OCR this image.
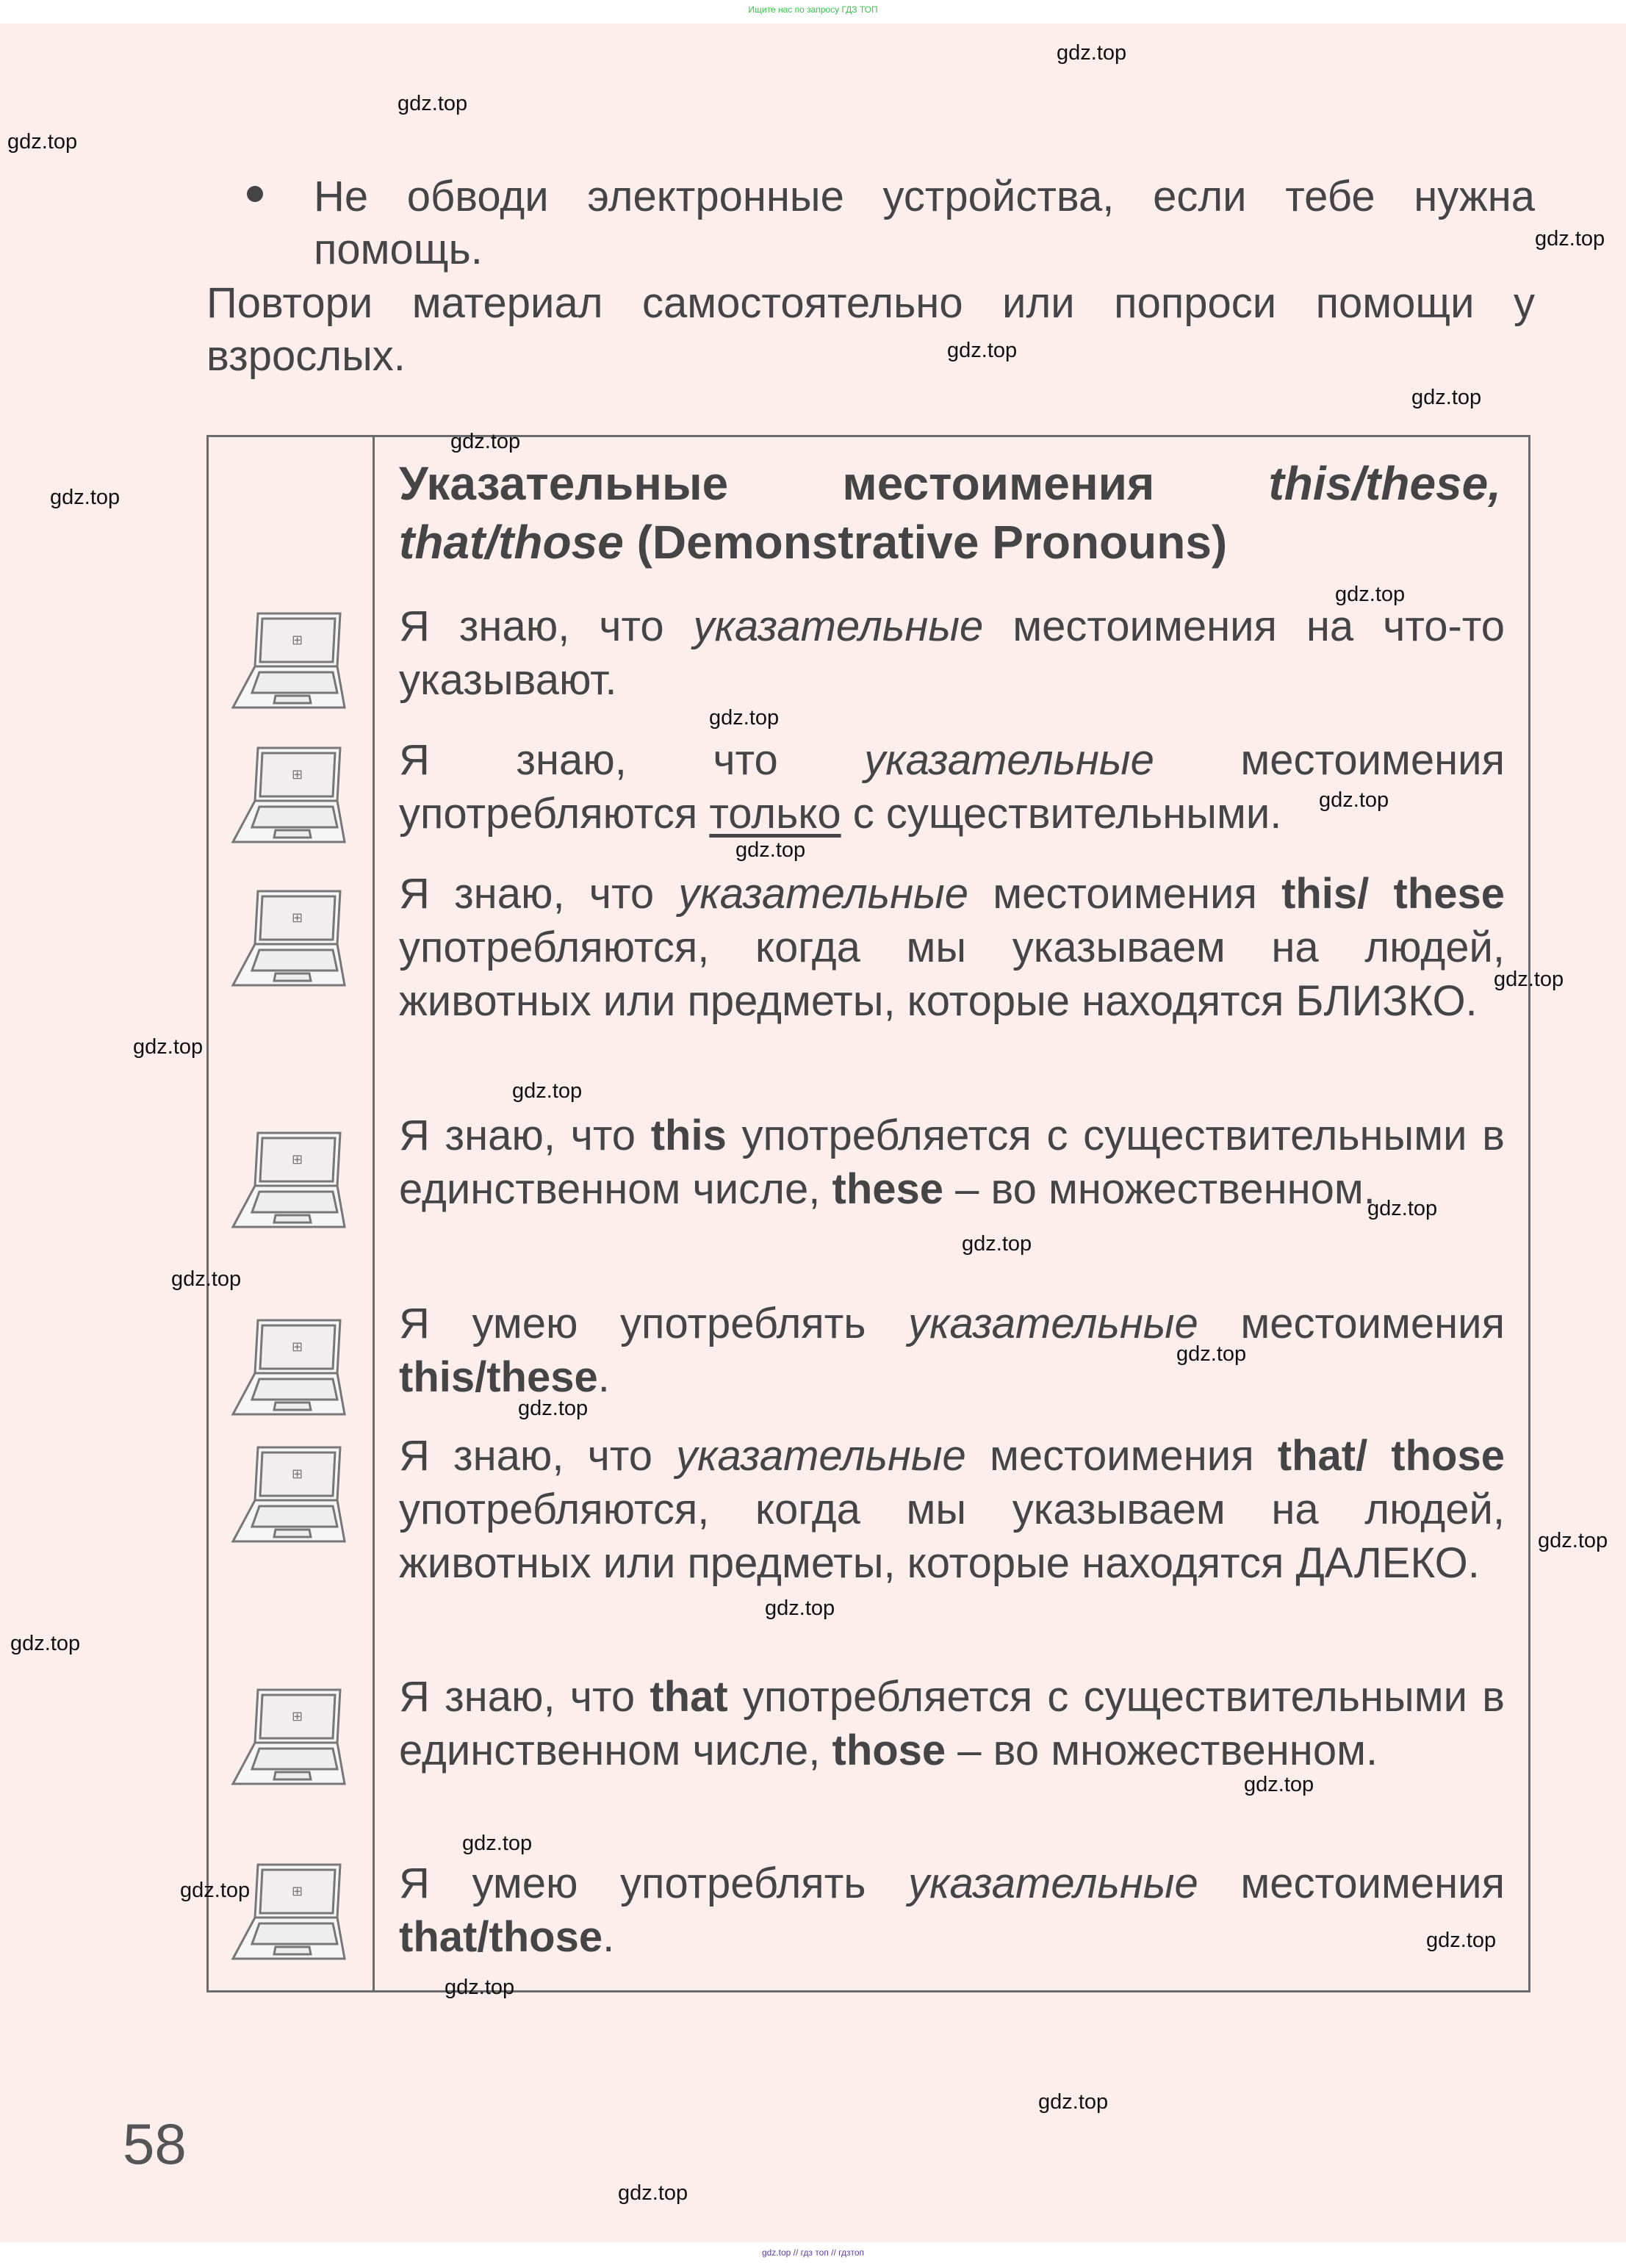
Ищите нас по запросу ГДЗ ТОП
Не обводи электронные устройства, если тебе нужна помощь.
Повтори материал самостоятельно или попроси помощи у взрослых.
Указательные местоимения this/these, that/those (Demonstrative Pronouns)
⊞ Я знаю, что указательные местоимения на что-то указывают.
⊞ Я знаю, что указательные местоимения употребляются только с существительными.
⊞
Я знаю, что указательные местоимения this/ these употребляются, когда мы указываем на людей, животных или предметы, которые находятся БЛИЗКО.
⊞
Я знаю, что this употребляется с существительными в единственном числе, these – во множественном.
⊞ Я умею употреблять указательные местоимения this/these.
⊞ Я знаю, что указательные местоимения that/ those употребляются, когда мы указываем на людей, животных или предметы, которые находятся ДАЛЕКО.
⊞ Я знаю, что that употребляется с существительными в единственном числе, those – во множественном.
⊞ Я умею употреблять указательные местоимения that/those.
58
gdz.top
gdz.top
gdz.top
gdz.top
gdz.top
gdz.top
gdz.top
gdz.top
gdz.top
gdz.top
gdz.top
gdz.top
gdz.top
gdz.top
gdz.top
gdz.top
gdz.top
gdz.top
gdz.top
gdz.top
gdz.top
gdz.top
gdz.top
gdz.top
gdz.top
gdz.top
gdz.top
gdz.top
gdz.top
gdz.top
gdz.top // гдз топ // гдзтоп
